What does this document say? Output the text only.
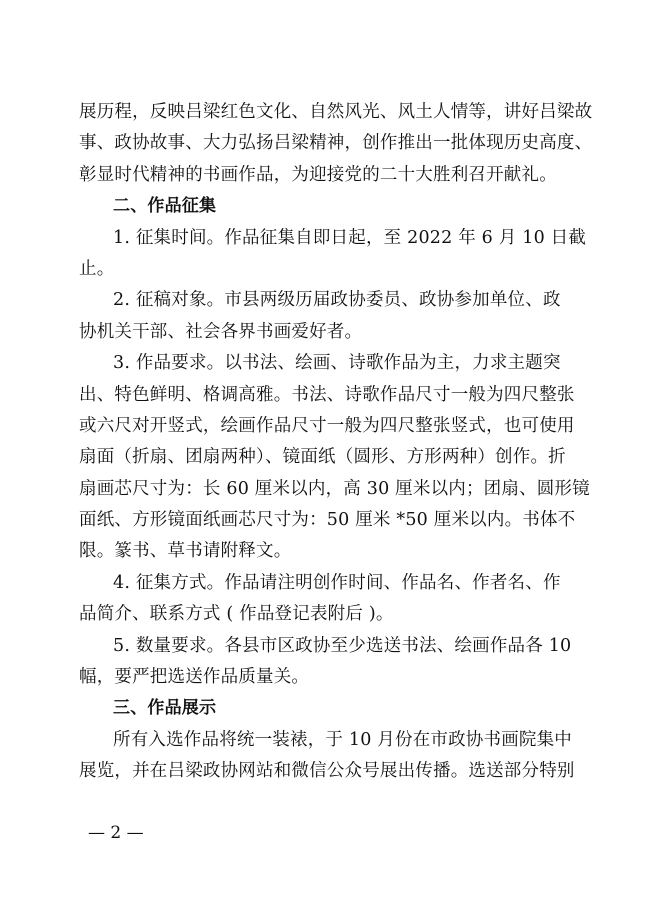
展历程，反映吕梁红色文化、自然风光、风土人情等，讲好吕梁故
事、政协故事、大力弘扬吕梁精神，创作推出一批体现历史高度、
彰显时代精神的书画作品，为迎接党的二十大胜利召开献礼。
二、作品征集
1. 征集时间。作品征集自即日起，至 2022 年 6 月 10 日截
止。
2. 征稿对象。市县两级历届政协委员、政协参加单位、政
协机关干部、社会各界书画爱好者。
3. 作品要求。以书法、绘画、诗歌作品为主，力求主题突
出、特色鲜明、格调高雅。书法、诗歌作品尺寸一般为四尺整张
或六尺对开竖式，绘画作品尺寸一般为四尺整张竖式，也可使用
扇面（折扇、团扇两种）、镜面纸（圆形、方形两种）创作。折
扇画芯尺寸为：长 60 厘米以内，高 30 厘米以内；团扇、圆形镜
面纸、方形镜面纸画芯尺寸为：50 厘米 *50 厘米以内。书体不
限。篆书、草书请附释文。
4. 征集方式。作品请注明创作时间、作品名、作者名、作
品简介、联系方式 ( 作品登记表附后 )。
5. 数量要求。各县市区政协至少选送书法、绘画作品各 10
幅，要严把选送作品质量关。
三、作品展示
所有入选作品将统一装裱，于 10 月份在市政协书画院集中
展览，并在吕梁政协网站和微信公众号展出传播。选送部分特别
— 2 —
